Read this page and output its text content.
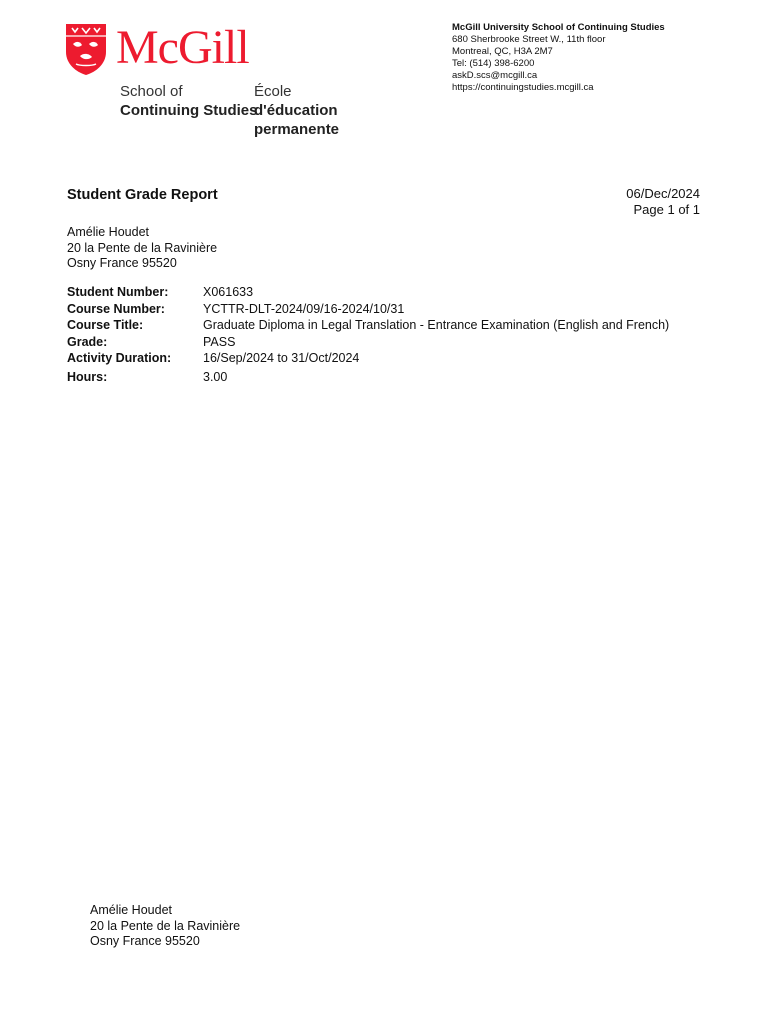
McGill
School of
Continuing Studies
École
d'éducation permanente
McGill University School of Continuing Studies
680 Sherbrooke Street W., 11th floor
Montreal, QC, H3A 2M7
Tel: (514) 398-6200
askD.scs@mcgill.ca
https://continuingstudies.mcgill.ca
Student Grade Report	06/Dec/2024
Page 1 of 1
Amélie Houdet
20 la Pente de la Ravinière
Osny France 95520
Student Number:	X061633
Course Number:	YCTTR-DLT-2024/09/16-2024/10/31
Course Title:	Graduate Diploma in Legal Translation - Entrance Examination (English and French)
Grade:	PASS
Activity Duration:	16/Sep/2024 to 31/Oct/2024
Hours:	3.00
Amélie Houdet
20 la Pente de la Ravinière
Osny France 95520
